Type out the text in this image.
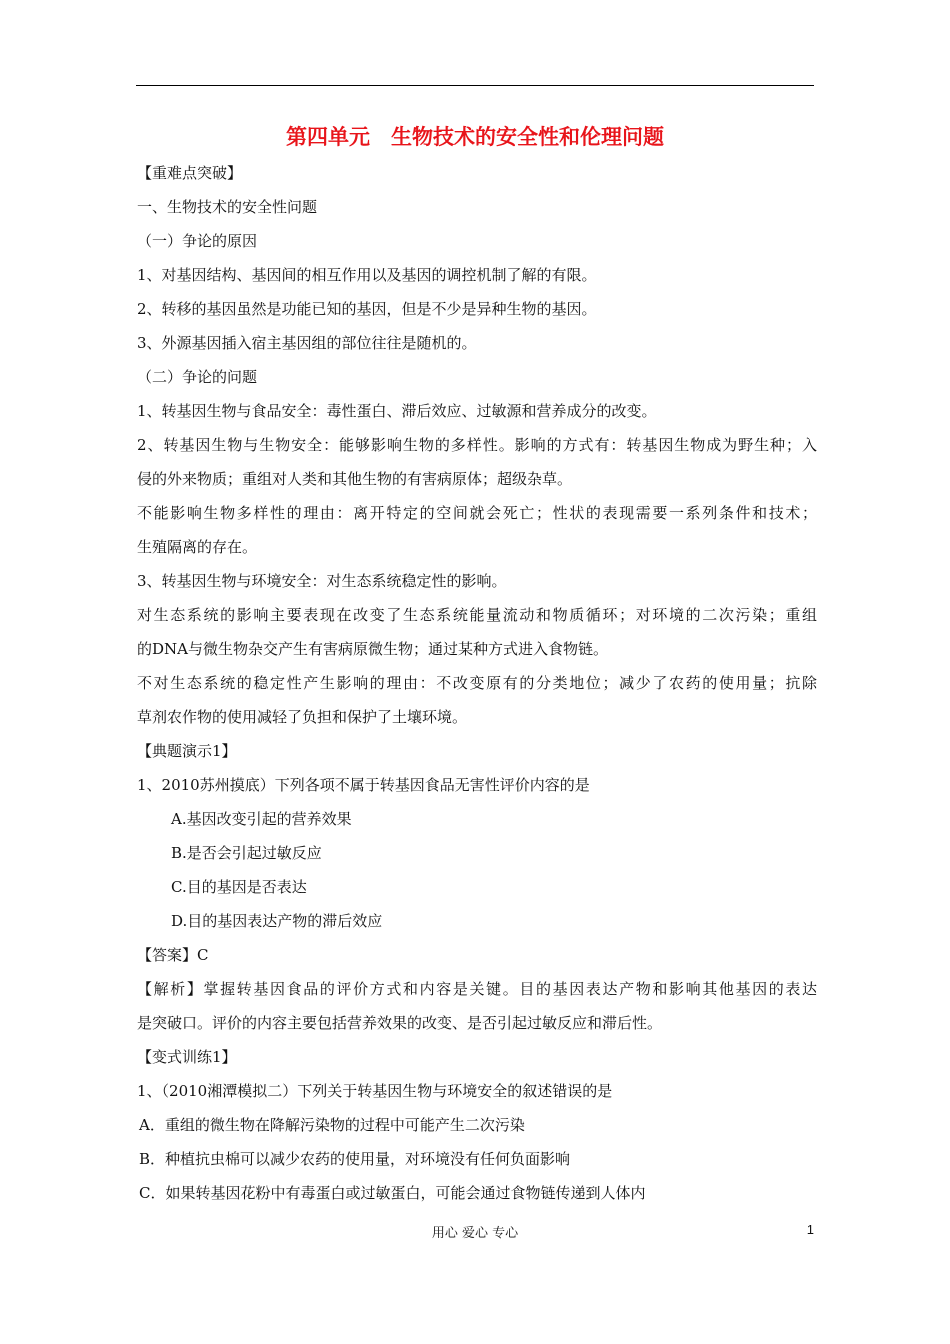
第四单元　生物技术的安全性和伦理问题
【重难点突破】
一、生物技术的安全性问题
（一）争论的原因
1、对基因结构、基因间的相互作用以及基因的调控机制了解的有限。
2、转移的基因虽然是功能已知的基因，但是不少是异种生物的基因。
3、外源基因插入宿主基因组的部位往往是随机的。
（二）争论的问题
1、转基因生物与食品安全：毒性蛋白、滞后效应、过敏源和营养成分的改变。
2、转基因生物与生物安全：能够影响生物的多样性。影响的方式有：转基因生物成为野生种；入
侵的外来物质；重组对人类和其他生物的有害病原体；超级杂草。
不能影响生物多样性的理由：离开特定的空间就会死亡；性状的表现需要一系列条件和技术；
生殖隔离的存在。
3、转基因生物与环境安全：对生态系统稳定性的影响。
对生态系统的影响主要表现在改变了生态系统能量流动和物质循环；对环境的二次污染；重组
的DNA与微生物杂交产生有害病原微生物；通过某种方式进入食物链。
不对生态系统的稳定性产生影响的理由：不改变原有的分类地位；减少了农药的使用量；抗除
草剂农作物的使用减轻了负担和保护了土壤环境。
【典题演示1】
1、2010苏州摸底）下列各项不属于转基因食品无害性评价内容的是
A.基因改变引起的营养效果
B.是否会引起过敏反应
C.目的基因是否表达
D.目的基因表达产物的滞后效应
【答案】C
【解析】掌握转基因食品的评价方式和内容是关键。目的基因表达产物和影响其他基因的表达
是突破口。评价的内容主要包括营养效果的改变、是否引起过敏反应和滞后性。
【变式训练1】
1、（2010湘潭模拟二）下列关于转基因生物与环境安全的叙述错误的是
A．重组的微生物在降解污染物的过程中可能产生二次污染
B．种植抗虫棉可以减少农药的使用量，对环境没有任何负面影响
C．如果转基因花粉中有毒蛋白或过敏蛋白，可能会通过食物链传递到人体内
用心 爱心 专心	1
